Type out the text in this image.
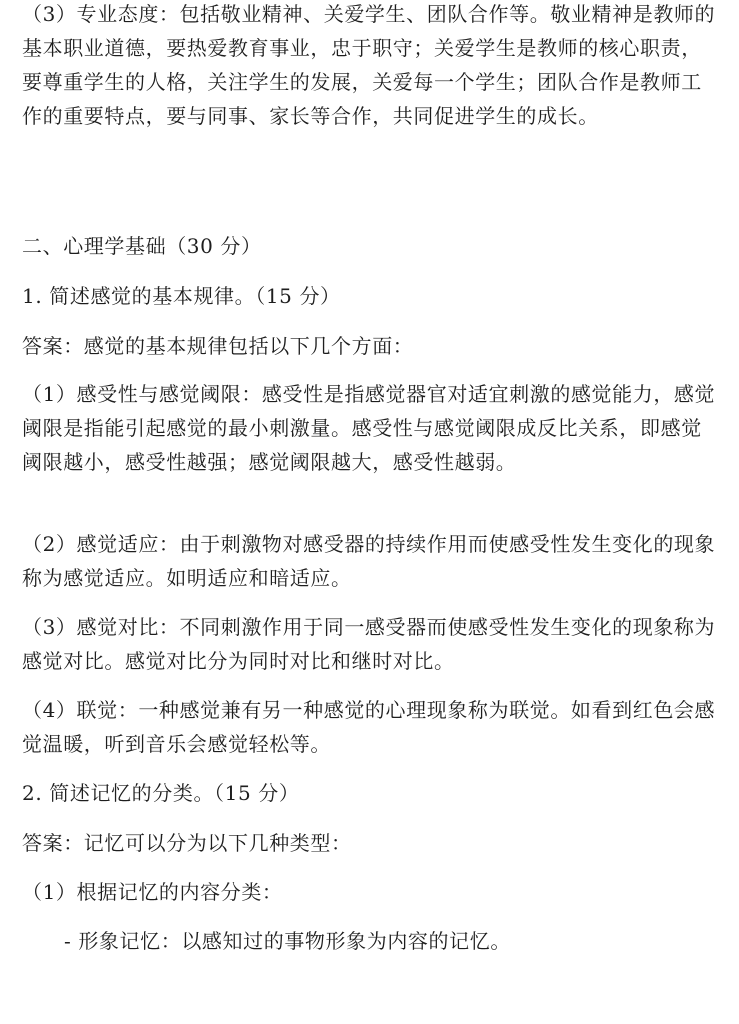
（3）专业态度：包括敬业精神、关爱学生、团队合作等。敬业精神是教师的基本职业道德，要热爱教育事业，忠于职守；关爱学生是教师的核心职责，要尊重学生的人格，关注学生的发展，关爱每一个学生；团队合作是教师工作的重要特点，要与同事、家长等合作，共同促进学生的成长。

二、心理学基础（30 分）

1. 简述感觉的基本规律。（15 分）

答案：感觉的基本规律包括以下几个方面：

（1）感受性与感觉阈限：感受性是指感觉器官对适宜刺激的感觉能力，感觉阈限是指能引起感觉的最小刺激量。感受性与感觉阈限成反比关系，即感觉阈限越小，感受性越强；感觉阈限越大，感受性越弱。

（2）感觉适应：由于刺激物对感受器的持续作用而使感受性发生变化的现象称为感觉适应。如明适应和暗适应。

（3）感觉对比：不同刺激作用于同一感受器而使感受性发生变化的现象称为感觉对比。感觉对比分为同时对比和继时对比。

（4）联觉：一种感觉兼有另一种感觉的心理现象称为联觉。如看到红色会感觉温暖，听到音乐会感觉轻松等。

2. 简述记忆的分类。（15 分）

答案：记忆可以分为以下几种类型：

（1）根据记忆的内容分类：

- 形象记忆：以感知过的事物形象为内容的记忆。
